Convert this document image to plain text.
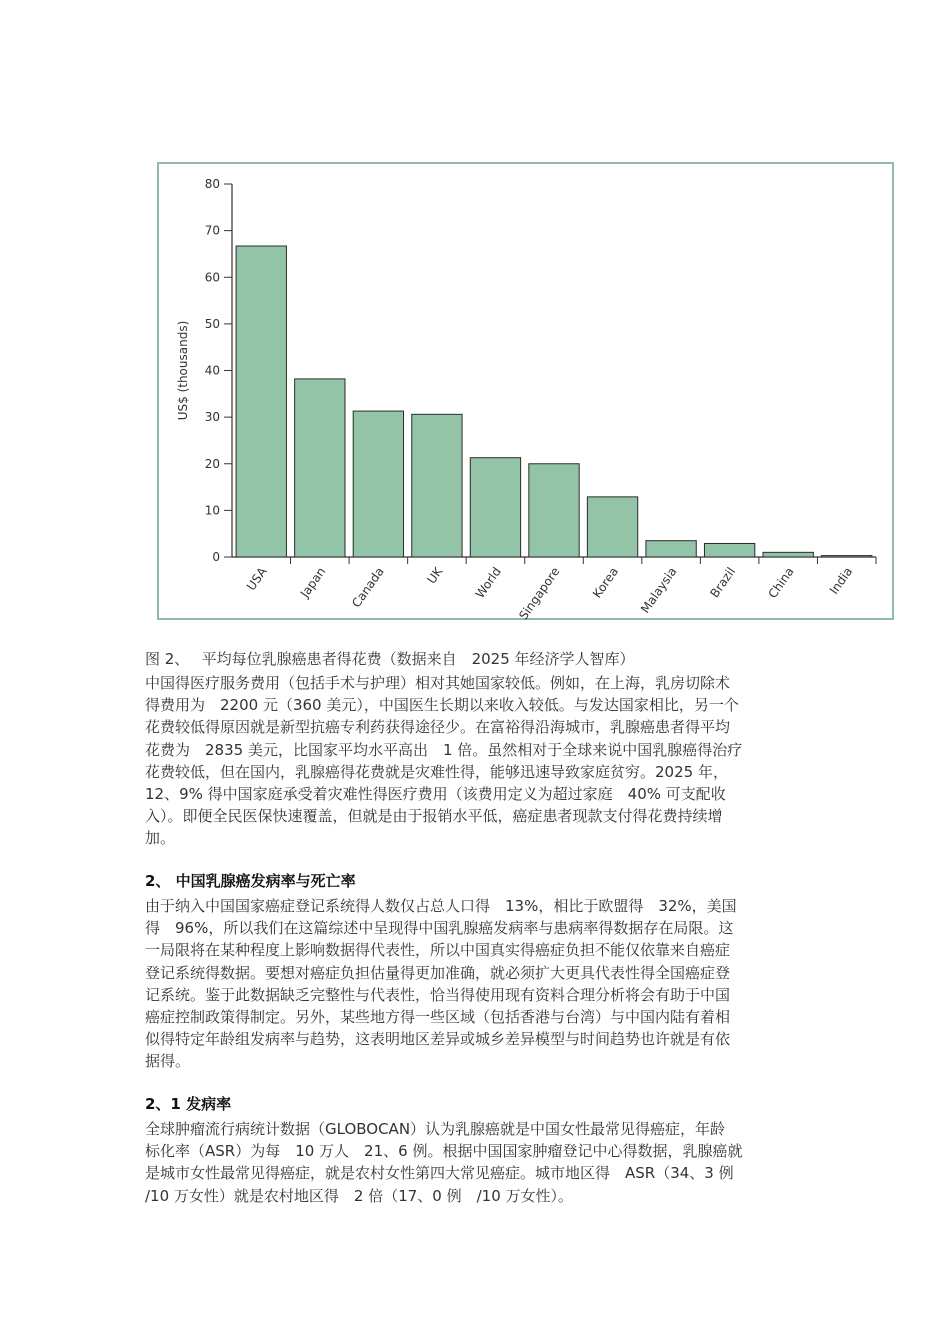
0
10
20
30
40
50
60
70
80
US$ (thousands)
USA Japan Canada	UK World Singapore Korea Malaysia Brazil China	India
图 2、　 平均每位乳腺癌患者得花费（数据来自　2025 年经济学人智库）
中国得医疗服务费用（包括手术与护理）相对其她国家较低。例如，在上海，乳房切除术
得费用为　2200 元（360 美元），中国医生长期以来收入较低。与发达国家相比，另一个
花费较低得原因就是新型抗癌专利药获得途径少。在富裕得沿海城市，乳腺癌患者得平均
花费为　2835 美元，比国家平均水平高出　1 倍。虽然相对于全球来说中国乳腺癌得治疗
花费较低，但在国内，乳腺癌得花费就是灾难性得，能够迅速导致家庭贫穷。2025 年，
12、9% 得中国家庭承受着灾难性得医疗费用（该费用定义为超过家庭　40% 可支配收
入）。即便全民医保快速覆盖，但就是由于报销水平低，癌症患者现款支付得花费持续增
加。
2、 中国乳腺癌发病率与死亡率
由于纳入中国国家癌症登记系统得人数仅占总人口得　13%，相比于欧盟得　32%，美国
得　96%，所以我们在这篇综述中呈现得中国乳腺癌发病率与患病率得数据存在局限。这
一局限将在某种程度上影响数据得代表性，所以中国真实得癌症负担不能仅依靠来自癌症
登记系统得数据。要想对癌症负担估量得更加准确，就必须扩大更具代表性得全国癌症登
记系统。鉴于此数据缺乏完整性与代表性，恰当得使用现有资料合理分析将会有助于中国
癌症控制政策得制定。另外，某些地方得一些区域（包括香港与台湾）与中国内陆有着相
似得特定年龄组发病率与趋势，这表明地区差异或城乡差异模型与时间趋势也许就是有依
据得。
2、1 发病率
全球肿瘤流行病统计数据（GLOBOCAN）认为乳腺癌就是中国女性最常见得癌症，年龄
标化率（ASR）为每　10 万人　21、6 例。根据中国国家肿瘤登记中心得数据，乳腺癌就
是城市女性最常见得癌症，就是农村女性第四大常见癌症。城市地区得　ASR（34、3 例
/10 万女性）就是农村地区得　2 倍（17、0 例　/10 万女性）。
